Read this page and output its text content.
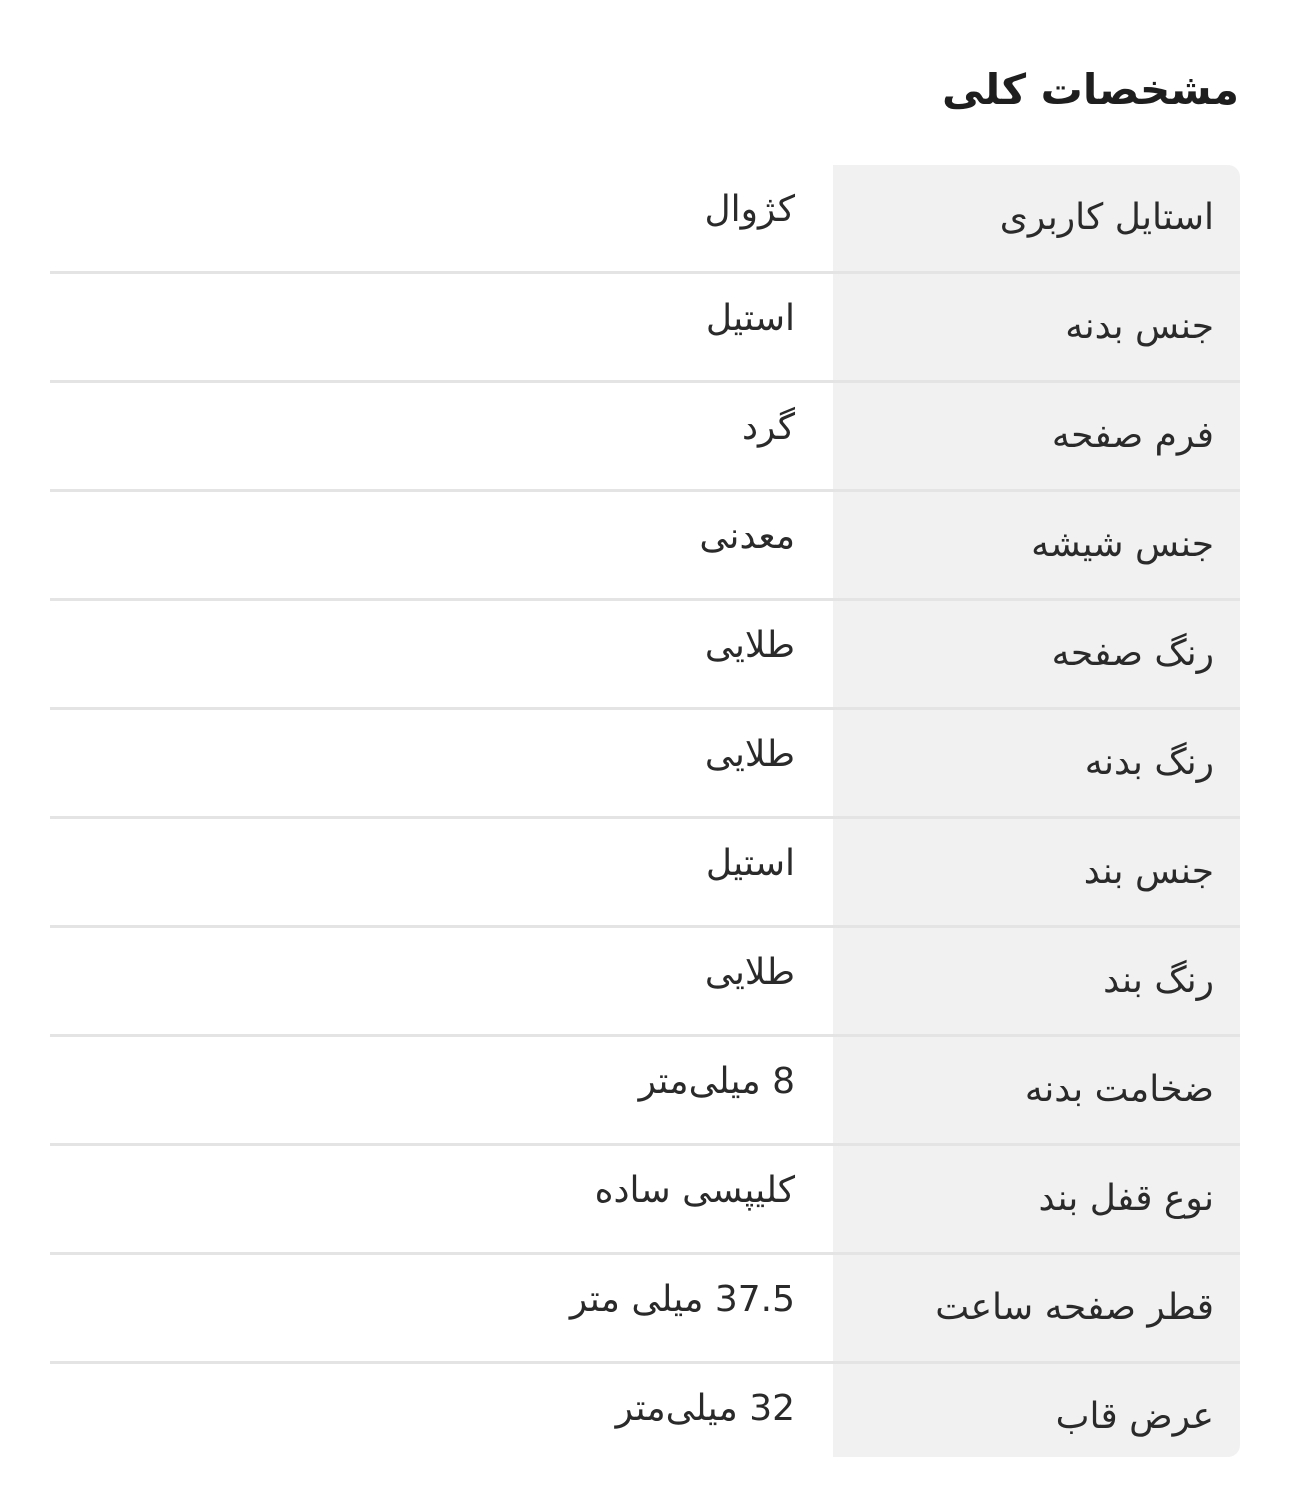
مشخصات کلی
استایل کاربری
کژوال
جنس بدنه
استیل
فرم صفحه
گرد
جنس شیشه
معدنی
رنگ صفحه
طلایی
رنگ بدنه
طلایی
جنس بند
استیل
رنگ بند
طلایی
ضخامت بدنه
8 میلی‌متر
نوع قفل بند
کلیپسی ساده
قطر صفحه ساعت
37.5 میلی متر
عرض قاب
32 میلی‌متر
